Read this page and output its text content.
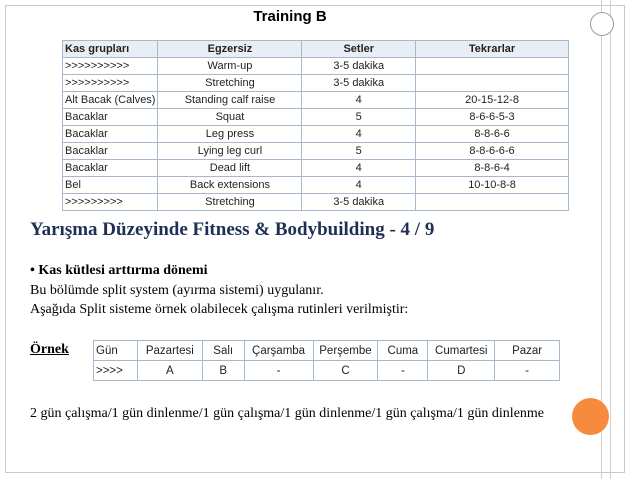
Training B
Kas grupları	Egzersiz	Setler	Tekrarlar
>>>>>>>>>>	Warm-up	3-5 dakika	
>>>>>>>>>>	Stretching	3-5 dakika	
Alt Bacak (Calves)	Standing calf raise	4	20-15-12-8
Bacaklar	Squat	5	8-6-6-5-3
Bacaklar	Leg press	4	8-8-6-6
Bacaklar	Lying leg curl	5	8-8-6-6-6
Bacaklar	Dead lift	4	8-8-6-4
Bel	Back extensions	4	10-10-8-8
>>>>>>>>>	Stretching	3-5 dakika	
Yarışma Düzeyinde Fitness & Bodybuilding - 4 / 9
• Kas kütlesi arttırma dönemi
Bu bölümde split system (ayırma sistemi) uygulanır.
Aşağıda Split sisteme örnek olabilecek çalışma rutinleri verilmiştir:
Örnek Gün	Pazartesi	Salı	Çarşamba	Perşembe	Cuma	Cumartesi	Pazar
>>>>	A	B	-	C	-	D	-
2 gün çalışma/1 gün dinlenme/1 gün çalışma/1 gün dinlenme/1 gün çalışma/1 gün dinlenme
